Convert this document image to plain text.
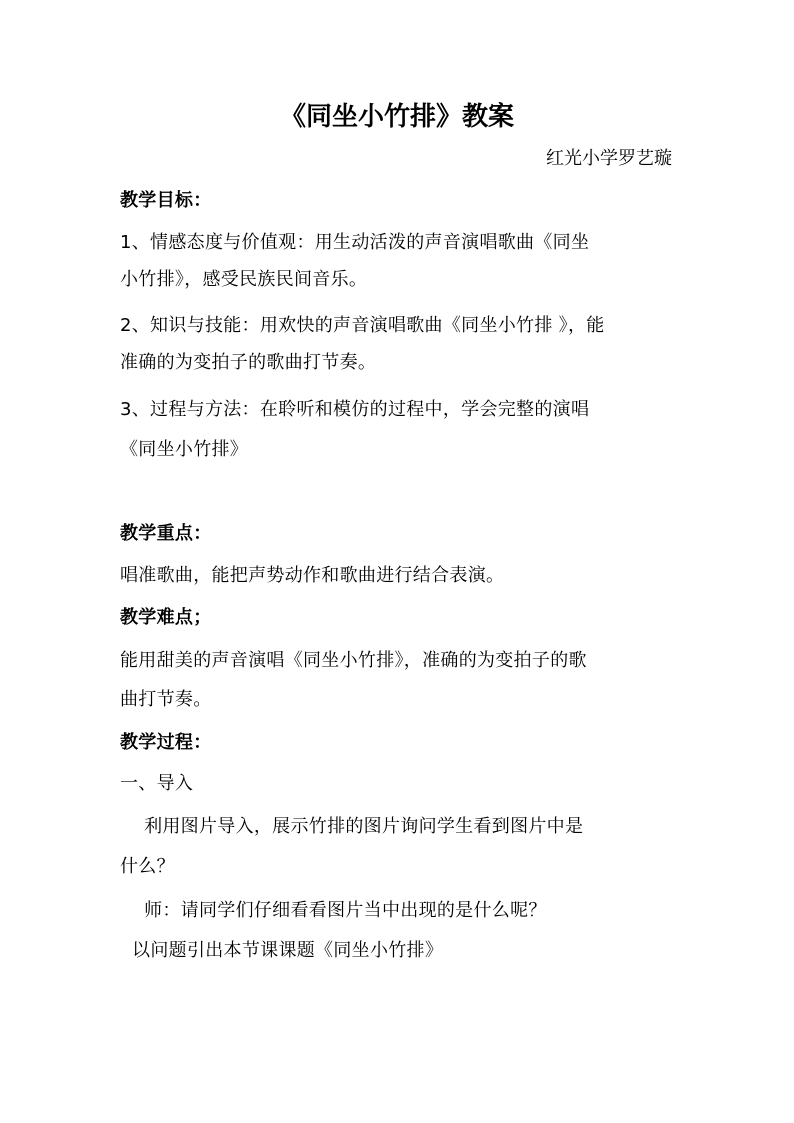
《同坐小竹排》教案
红光小学罗艺璇
教学目标：
1、情感态度与价值观：用生动活泼的声音演唱歌曲《同坐
小竹排》，感受民族民间音乐。
2、知识与技能：用欢快的声音演唱歌曲《同坐小竹排 》，能
准确的为变拍子的歌曲打节奏。
3、过程与方法：在聆听和模仿的过程中，学会完整的演唱
《同坐小竹排》
教学重点：
唱准歌曲，能把声势动作和歌曲进行结合表演。
教学难点；
能用甜美的声音演唱《同坐小竹排》，准确的为变拍子的歌
曲打节奏。
教学过程：
一、导入
利用图片导入，展示竹排的图片询问学生看到图片中是
什么？
师：请同学们仔细看看图片当中出现的是什么呢？
以问题引出本节课课题《同坐小竹排》
